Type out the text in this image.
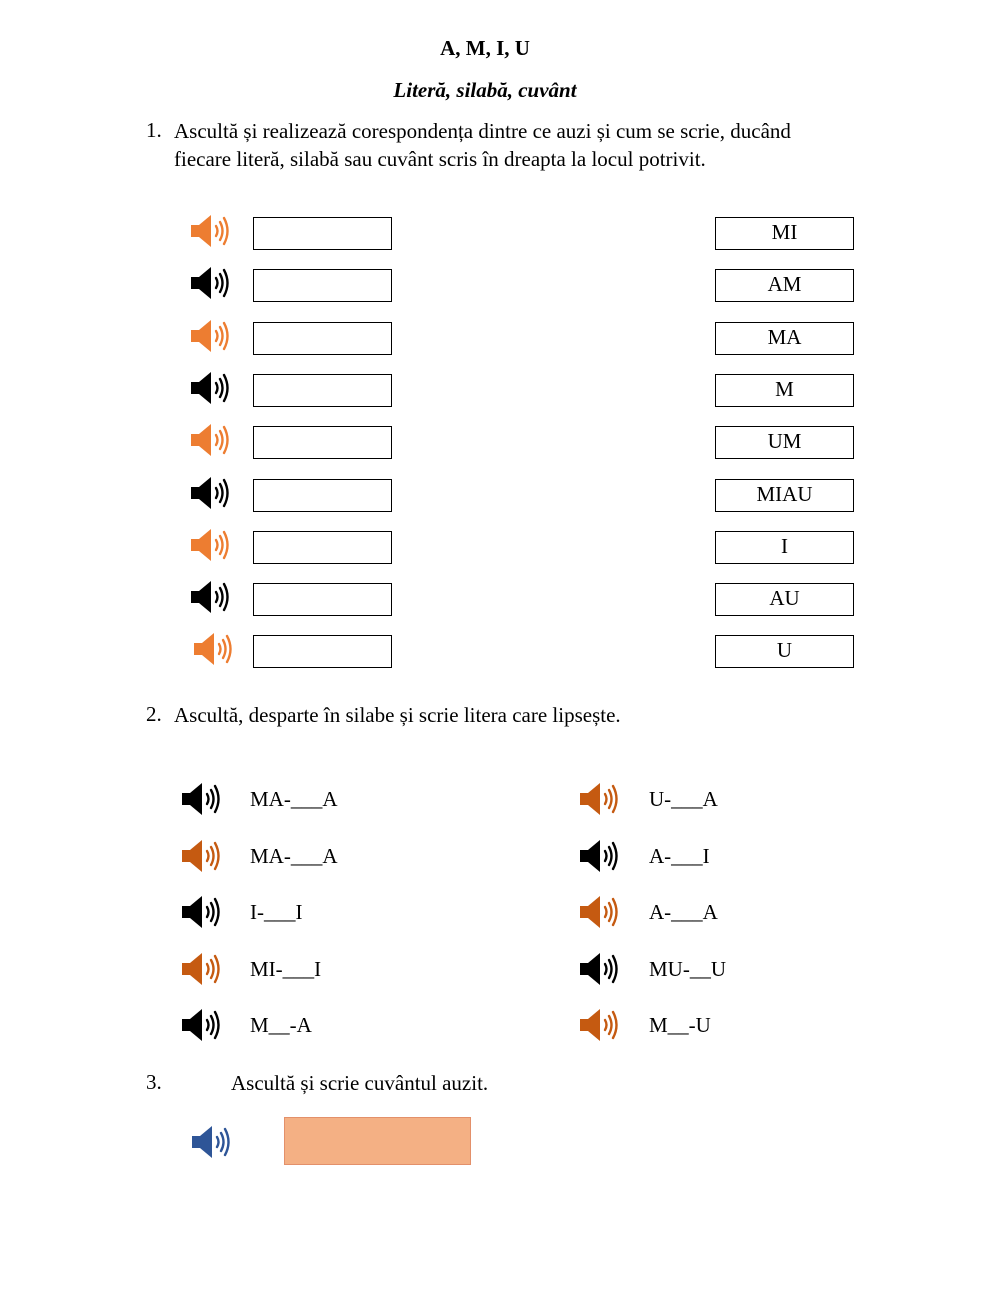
A, M, I, U
Literă, silabă, cuvânt
1. Ascultă și realizează corespondența dintre ce auzi și cum se scrie, ducând
fiecare literă, silabă sau cuvânt scris în dreapta la locul potrivit.
MI
AM
MA
M
UM
MIAU
I
AU
U
2. Ascultă, desparte în silabe și scrie litera care lipsește.
MA-___A
MA-___A
I-___I
MI-___I
M__-A
U-___A
A-___I
A-___A
MU-__U
M__-U
3.	Ascultă și scrie cuvântul auzit.
